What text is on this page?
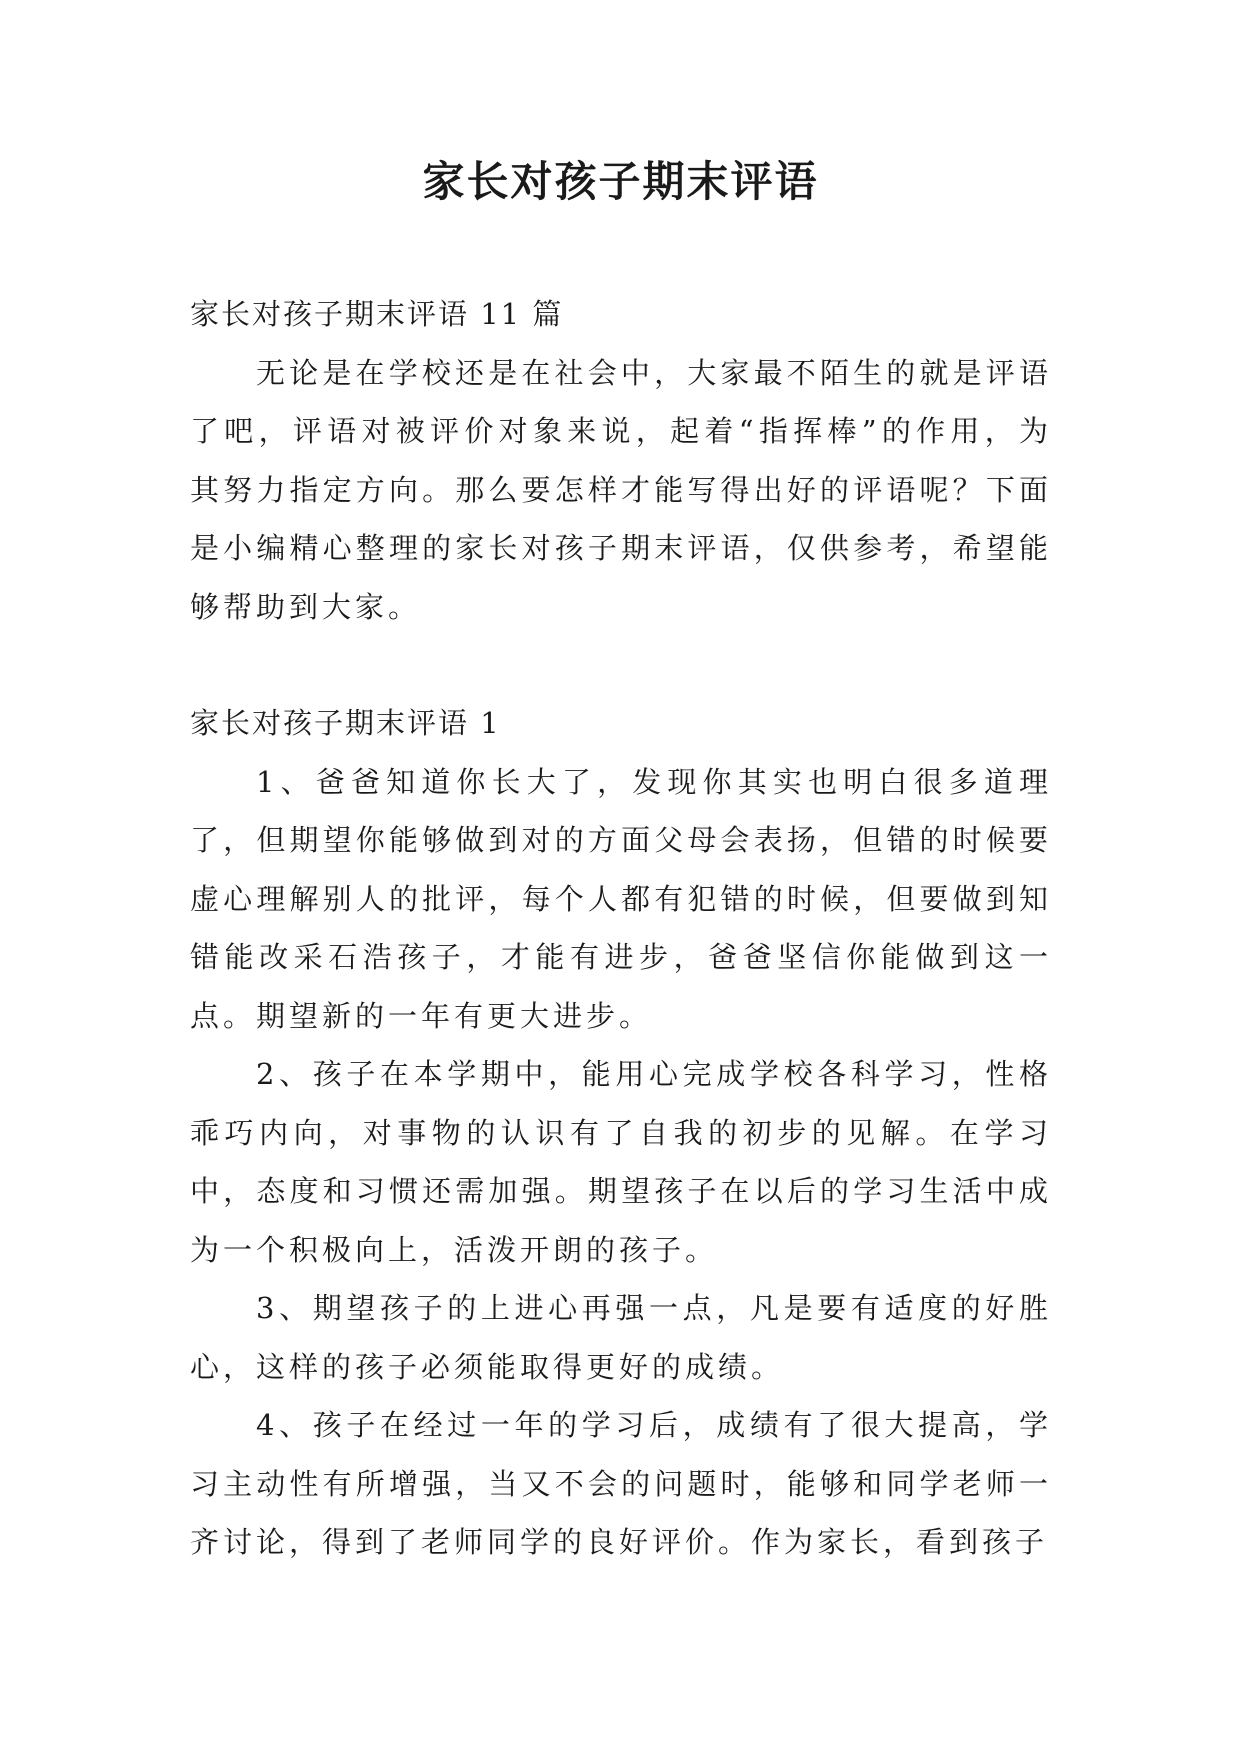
家长对孩子期末评语

家长对孩子期末评语 11 篇

无论是在学校还是在社会中，大家最不陌生的就是评语了吧，评语对被评价对象来说，起着“指挥棒”的作用，为其努力指定方向。那么要怎样才能写得出好的评语呢？下面是小编精心整理的家长对孩子期末评语，仅供参考，希望能够帮助到大家。

家长对孩子期末评语 1

1、爸爸知道你长大了，发现你其实也明白很多道理了，但期望你能够做到对的方面父母会表扬，但错的时候要虚心理解别人的批评，每个人都有犯错的时候，但要做到知错能改采石浩孩子，才能有进步，爸爸坚信你能做到这一点。期望新的一年有更大进步。

2、孩子在本学期中，能用心完成学校各科学习，性格乖巧内向，对事物的认识有了自我的初步的见解。在学习中，态度和习惯还需加强。期望孩子在以后的学习生活中成为一个积极向上，活泼开朗的孩子。

3、期望孩子的上进心再强一点，凡是要有适度的好胜心，这样的孩子必须能取得更好的成绩。

4、孩子在经过一年的学习后，成绩有了很大提高，学习主动性有所增强，当又不会的问题时，能够和同学老师一齐讨论，得到了老师同学的良好评价。作为家长，看到孩子
